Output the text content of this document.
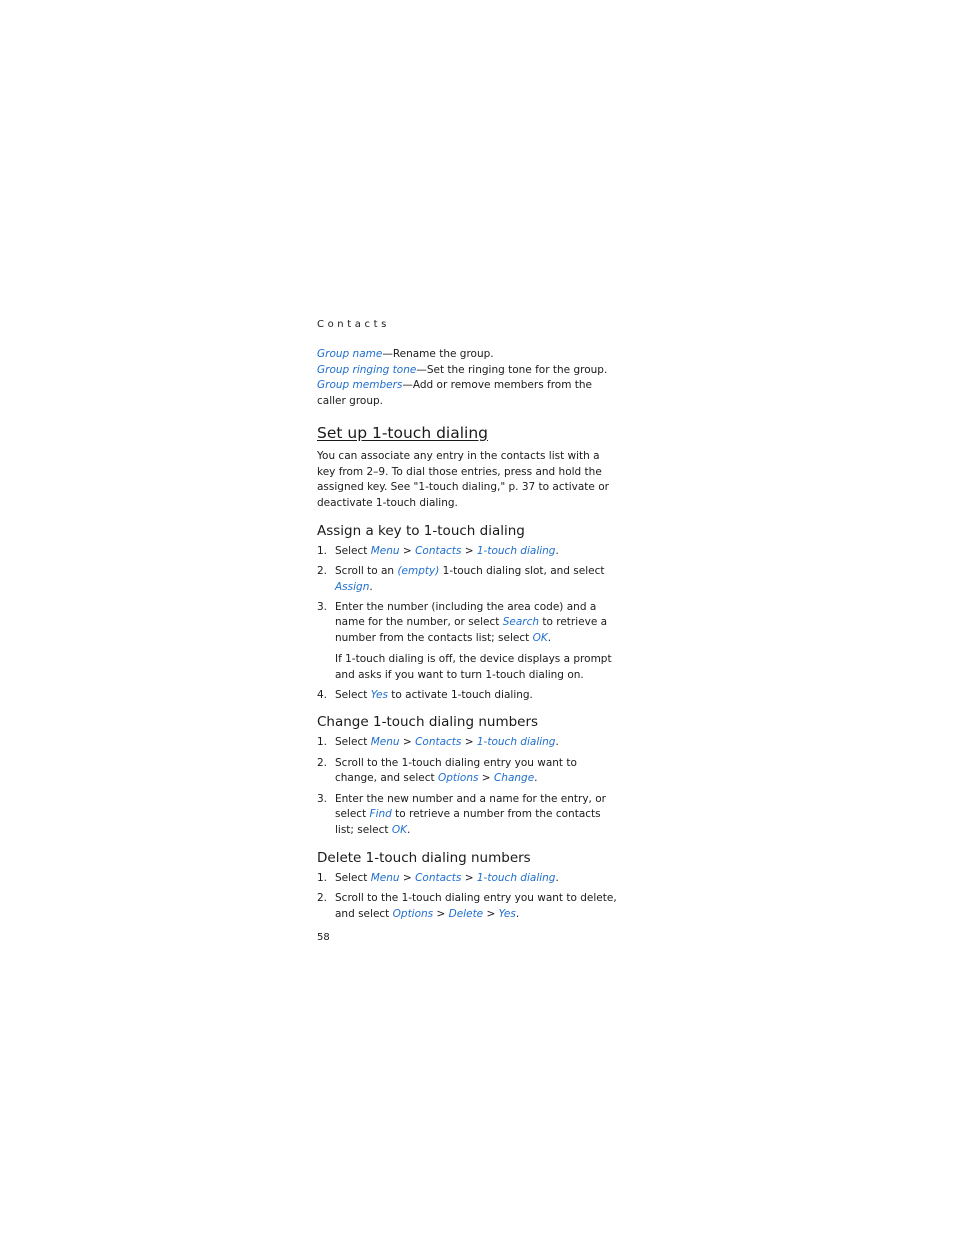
Contacts

Group name—Rename the group.

Group ringing tone—Set the ringing tone for the group.

Group members—Add or remove members from the caller group.

Set up 1-touch dialing

You can associate any entry in the contacts list with a key from 2–9. To dial those entries, press and hold the assigned key. See "1-touch dialing," p. 37 to activate or deactivate 1-touch dialing.

Assign a key to 1-touch dialing
1. Select Menu > Contacts > 1-touch dialing.
2. Scroll to an (empty) 1-touch dialing slot, and select Assign.
3. Enter the number (including the area code) and a name for the number, or select Search to retrieve a number from the contacts list; select OK.
If 1-touch dialing is off, the device displays a prompt and asks if you want to turn 1-touch dialing on.
4. Select Yes to activate 1-touch dialing.
Change 1-touch dialing numbers
1. Select Menu > Contacts > 1-touch dialing.
2. Scroll to the 1-touch dialing entry you want to change, and select Options > Change.
3. Enter the new number and a name for the entry, or select Find to retrieve a number from the contacts list; select OK.
Delete 1-touch dialing numbers
1. Select Menu > Contacts > 1-touch dialing.
2. Scroll to the 1-touch dialing entry you want to delete, and select Options > Delete > Yes.
58
